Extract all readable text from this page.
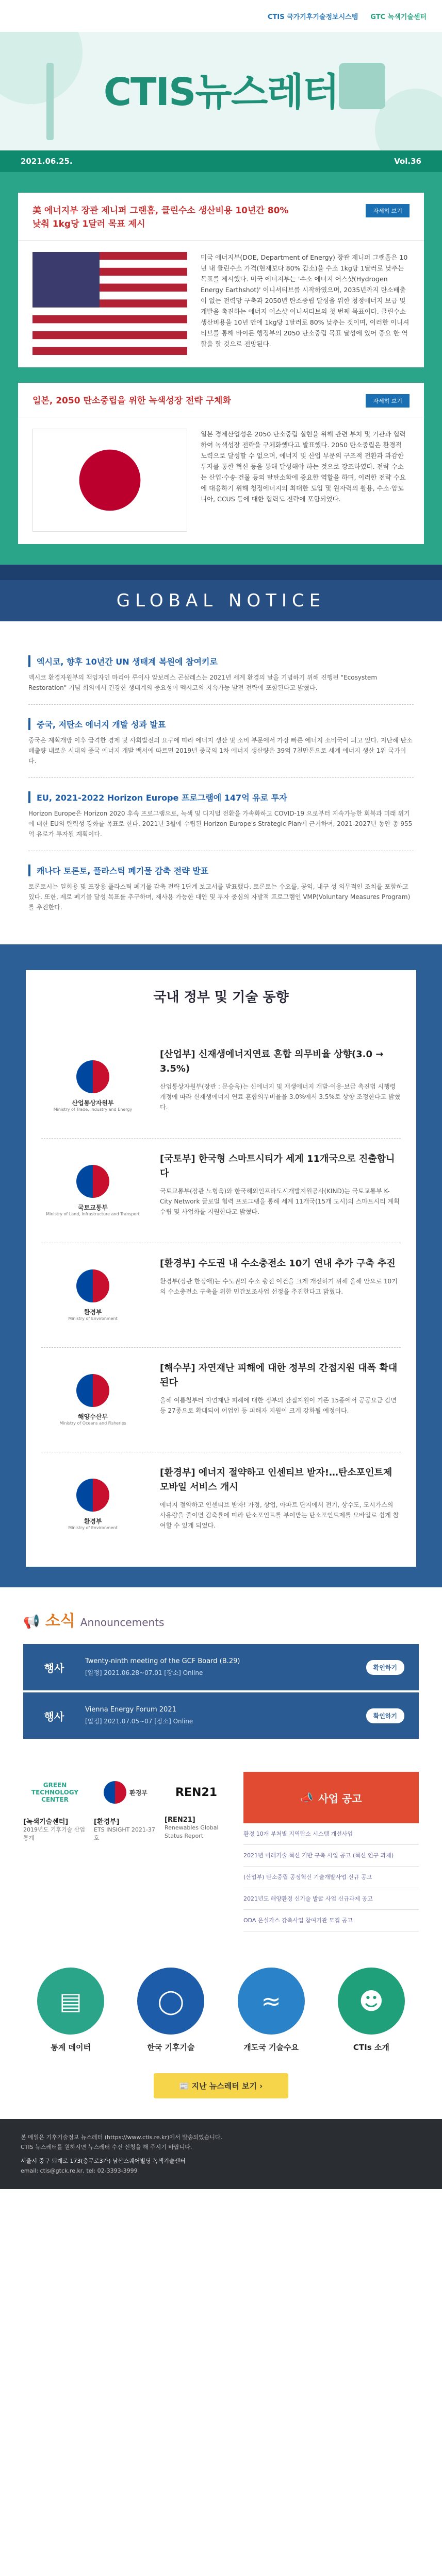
CTIS 국가기후기술정보시스템 GTC 녹색기술센터
CTIS뉴스레터
2021.06.25.	Vol.36
美 에너지부 장관 제니퍼 그랜홈, 클린수소 생산비용 10년간 80% 낮춰 1kg당 1달러 목표 제시
자세히 보기
미국 에너지부(DOE, Department of Energy) 장관 제니퍼 그랜홈은 10년 내 클린수소 가격(현재보다 80% 감소)을 수소 1kg당 1달러로 낮추는 목표를 제시했다. 미국 에너지부는 '수소 에너지 어스샷(Hydrogen Energy Earthshot)' 이니셔티브를 시작하였으며, 2035년까지 탄소배출이 없는 전력망 구축과 2050년 탄소중립 달성을 위한 청정에너지 보급 및 개발을 촉진하는 에너지 어스샷 이니셔티브의 첫 번째 목표이다. 클린수소 생산비용을 10년 안에 1kg당 1달러로 80% 낮추는 것이며, 이러한 이니셔티브를 통해 바이든 행정부의 2050 탄소중립 목표 달성에 있어 중요 한 역할을 할 것으로 전망된다.
일본, 2050 탄소중립을 위한 녹색성장 전략 구체화	자세히 보기
일본 경제산업성은 2050 탄소중립 실현을 위해 관련 부처 및 기관과 협력하여 녹색성장 전략을 구체화했다고 발표했다. 2050 탄소중립은 환경적 노력으로 달성할 수 없으며, 에너지 및 산업 부문의 구조적 전환과 과감한 투자를 통한 혁신 등을 통해 달성해야 하는 것으로 강조하였다. 전략 수소는 산업·수송·건물 등의 탈탄소화에 중요한 역할을 하며, 이러한 전략 수요에 대응하기 위해 청정에너지의 최대한 도입 및 원자력의 활용, 수소·암모니아, CCUS 등에 대한 협력도 전략에 포함되었다.
GLOBAL NOTICE
엑시코, 향후 10년간 UN 생태계 복원에 참여키로
멕시코 환경자원부의 책임자인 마리아 루이사 알보레스 곤살레스는 2021년 세계 환경의 날을 기념하기 위해 진행된 "Ecosystem Restoration" 기념 회의에서 건강한 생태계의 중요성이 멕시코의 지속가능 발전 전략에 포함된다고 밝혔다.
중국, 저탄소 에너지 개발 성과 발표
중국은 계획개방 이후 급격한 경제 및 사회발전의 요구에 따라 에너지 생산 및 소비 부문에서 가장 빠른 에너지 소비국이 되고 있다. 지난해 탄소 배출량 내로운 시대의 중국 에너지 개발 백서에 따르면 2019년 중국의 1차 에너지 생산량은 39억 7천만톤으로 세계 에너지 생산 1위 국가이다.
EU, 2021-2022 Horizon Europe 프로그램에 147억 유로 투자
Horizon Europe은 Horizon 2020 후속 프로그램으로, 녹색 및 디지털 전환을 가속화하고 COVID-19 으로부터 지속가능한 회복과 미래 위기에 대한 EU의 탄력성 강화를 목표로 한다. 2021년 3월에 수립된 Horizon Europe's Strategic Plan에 근거하여, 2021-2027년 동안 총 955억 유로가 투자될 계획이다.
캐나다 토론토, 플라스틱 폐기물 감축 전략 발표
토론토시는 일회용 및 포장용 플라스틱 폐기물 감축 전략 1단계 보고서를 발표했다. 토론토는 수요를, 공익, 내구 성 의무적인 조치를 포함하고 있다. 또한, 제로 폐기물 달성 목표를 추구하며, 재사용 가능한 대안 및 투자 중심의 자발적 프로그램인 VMP(Voluntary Measures Program)를 추진한다.
국내 정부 및 기술 동향
산업통상자원부
Ministry of Trade, Industry and Energy
[산업부] 신재생에너지연료 혼합 의무비율 상향(3.0 → 3.5%)
산업통상자원부(장관 : 문승욱)는 신에너지 및 재생에너지 개발·이용·보급 촉진법 시행령 개정에 따라 신재생에너지 연료 혼합의무비율을 3.0%에서 3.5%로 상향 조정한다고 밝혔다.
국토교통부
Ministry of Land, Infrastructure and Transport
[국토부] 한국형 스마트시티가 세계 11개국으로 진출합니다
국토교통부(장관 노형욱)와 한국해외인프라도시개발지원공사(KIND)는 국토교통부 K-City Network 글로벌 협력 프로그램을 통해 세계 11개국(15개 도시)의 스마트시티 계획 수립 및 사업화를 지원한다고 밝혔다.
환경부
Ministry of Environment
[환경부] 수도권 내 수소충전소 10기 연내 추가 구축 추진
환경부(장관 한정애)는 수도권의 수소 충전 여건을 크게 개선하기 위해 올해 안으로 10기의 수소충전소 구축을 위한 민간보조사업 선정을 추진한다고 밝혔다.
해양수산부
Ministry of Oceans and Fisheries
[해수부] 자연재난 피해에 대한 정부의 간접지원 대폭 확대 된다
올해 여름철부터 자연재난 피해에 대한 정부의 간접지원이 기존 15종에서 공공요금 감면 등 27종으로 확대되어 어업인 등 피해자 지원이 크게 강화될 예정이다.
환경부
Ministry of Environment
[환경부] 에너지 절약하고 인센티브 받자!…탄소포인트제 모바일 서비스 개시
에너지 절약하고 인센티브 받자! 가정, 상업, 아파트 단지에서 전기, 상수도, 도시가스의 사용량을 줄이면 감축률에 따라 탄소포인트를 부여받는 탄소포인트제를 모바일로 쉽게 참여할 수 있게 되었다.
📢 소식 Announcements
행사
Twenty-ninth meeting of the GCF Board (B.29)
[일정] 2021.06.28~07.01 [장소] Online
확인하기
행사
Vienna Energy Forum 2021
[일정] 2021.07.05~07 [장소] Online
확인하기
GREEN TECHNOLOGY CENTER
[녹색기술센터]
2019년도 기후기술 산업통계
환경부
[환경부]
ETS INSIGHT 2021-37호
REN21
[REN21]
Renewables Global Status Report
📣 사업 공고
환경 10개 부처별 지역탄소 시스템 개선사업
2021년 미래기술 혁신 기반 구축 사업 공고 (혁신 연구 과제)
(산업부) 탄소중립 공정혁신 기술개발사업 신규 공고
2021년도 해양환경 신기술 발굴 사업 신규과제 공고
ODA 온실가스 감축사업 참여기관 모집 공고
▤
통계 데이터
◯
한국 기후기술
≈
개도국 기술수요
☻
CTIs 소개
📰 지난 뉴스레터 보기 ›
본 메일은 기후기술정보 뉴스레터 (https://www.ctis.re.kr)에서 발송되었습니다.
CTIS 뉴스레터를 원하시면 뉴스레터 수신 신청을 해 주시기 바랍니다.
서울시 중구 퇴계로 173(충무로3가) 남산스퀘어빌딩 녹색기술센터
email: ctis@gtck.re.kr, tel: 02-3393-3999
